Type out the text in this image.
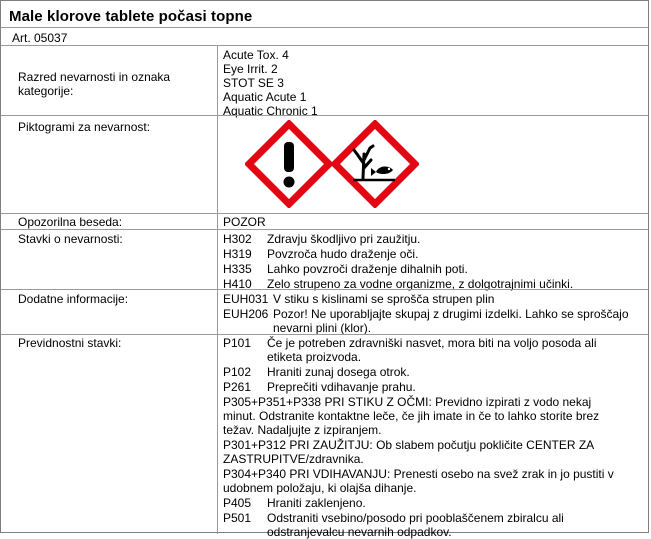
Male klorove tablete počasi topne
Art. 05037
Razred nevarnosti in oznaka kategorije:
Acute Tox. 4
Eye Irrit. 2
STOT SE 3
Aquatic Acute 1
Aquatic Chronic 1
Piktogrami za nevarnost:
Opozorilna beseda:	POZOR
Stavki o nevarnosti:	H302	Zdravju škodljivo pri zaužitju.
H319	Povzroča hudo draženje oči.
H335	Lahko povzroči draženje dihalnih poti.
H410	Zelo strupeno za vodne organizme, z dolgotrajnimi učinki.
Dodatne informacije:	EUH031 V stiku s kislinami se sprošča strupen plin
EUH206 Pozor! Ne uporabljajte skupaj z drugimi izdelki. Lahko se sproščajo nevarni plini (klor).
Previdnostni stavki:	P101	Če je potreben zdravniški nasvet, mora biti na voljo posoda ali etiketa proizvoda.
P102	Hraniti zunaj dosega otrok.
P261	Preprečiti vdihavanje prahu.
P305+P351+P338 PRI STIKU Z OČMI: Previdno izpirati z vodo nekaj minut. Odstranite kontaktne leče, če jih imate in če to lahko storite brez težav. Nadaljujte z izpiranjem.
P301+P312 PRI ZAUŽITJU: Ob slabem počutju pokličite CENTER ZA ZASTRUPITVE/zdravnika.
P304+P340 PRI VDIHAVANJU: Prenesti osebo na svež zrak in jo pustiti v udobnem položaju, ki olajša dihanje.
P405	Hraniti zaklenjeno.
P501	Odstraniti vsebino/posodo pri pooblaščenem zbiralcu ali odstranjevalcu nevarnih odpadkov.
